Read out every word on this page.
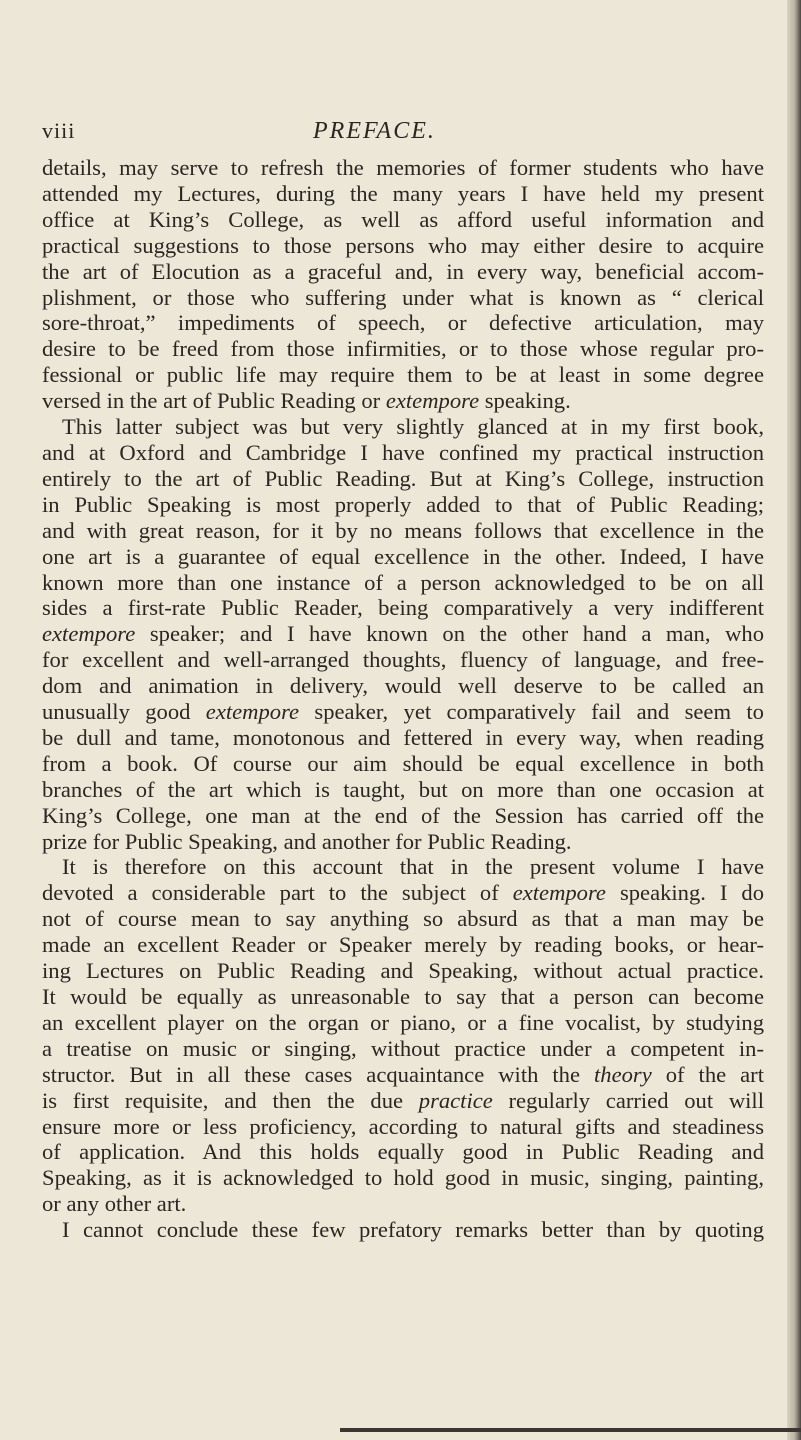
viii	PREFACE.
details, may serve to refresh the memories of former students who have
attended my Lectures, during the many years I have held my present
office at King’s College, as well as afford useful information and
practical suggestions to those persons who may either desire to acquire
the art of Elocution as a graceful and, in every way, beneficial accom-
plishment, or those who suffering under what is known as “ clerical
sore-throat,” impediments of speech, or defective articulation, may
desire to be freed from those infirmities, or to those whose regular pro-
fessional or public life may require them to be at least in some degree
versed in the art of Public Reading or extempore speaking.
This latter subject was but very slightly glanced at in my first book,
and at Oxford and Cambridge I have confined my practical instruction
entirely to the art of Public Reading. But at King’s College, instruction
in Public Speaking is most properly added to that of Public Reading;
and with great reason, for it by no means follows that excellence in the
one art is a guarantee of equal excellence in the other. Indeed, I have
known more than one instance of a person acknowledged to be on all
sides a first-rate Public Reader, being comparatively a very indifferent
extempore speaker; and I have known on the other hand a man, who
for excellent and well-arranged thoughts, fluency of language, and free-
dom and animation in delivery, would well deserve to be called an
unusually good extempore speaker, yet comparatively fail and seem to
be dull and tame, monotonous and fettered in every way, when reading
from a book. Of course our aim should be equal excellence in both
branches of the art which is taught, but on more than one occasion at
King’s College, one man at the end of the Session has carried off the
prize for Public Speaking, and another for Public Reading.
It is therefore on this account that in the present volume I have
devoted a considerable part to the subject of extempore speaking. I do
not of course mean to say anything so absurd as that a man may be
made an excellent Reader or Speaker merely by reading books, or hear-
ing Lectures on Public Reading and Speaking, without actual practice.
It would be equally as unreasonable to say that a person can become
an excellent player on the organ or piano, or a fine vocalist, by studying
a treatise on music or singing, without practice under a competent in-
structor. But in all these cases acquaintance with the theory of the art
is first requisite, and then the due practice regularly carried out will
ensure more or less proficiency, according to natural gifts and steadiness
of application. And this holds equally good in Public Reading and
Speaking, as it is acknowledged to hold good in music, singing, painting,
or any other art.
I cannot conclude these few prefatory remarks better than by quoting
